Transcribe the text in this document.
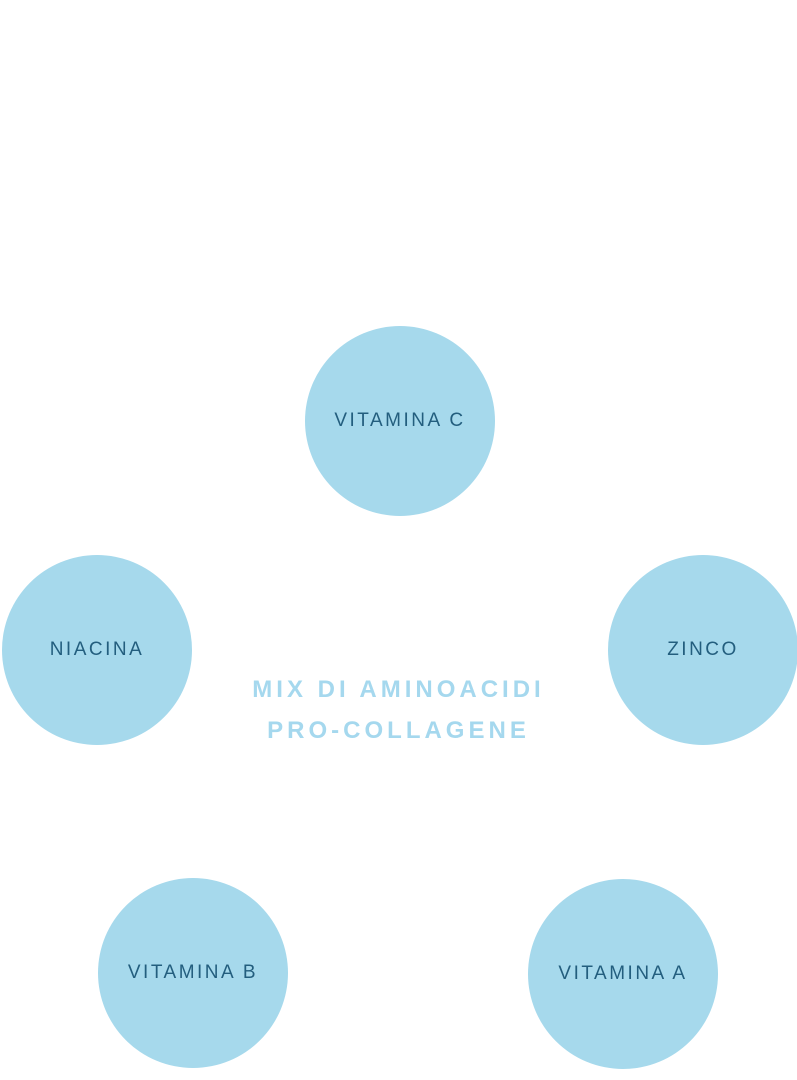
VITAMINA C
NIACINA	ZINCO
VITAMINA B	VITAMINA A
MIX DI AMINOACIDI
PRO-COLLAGENE
